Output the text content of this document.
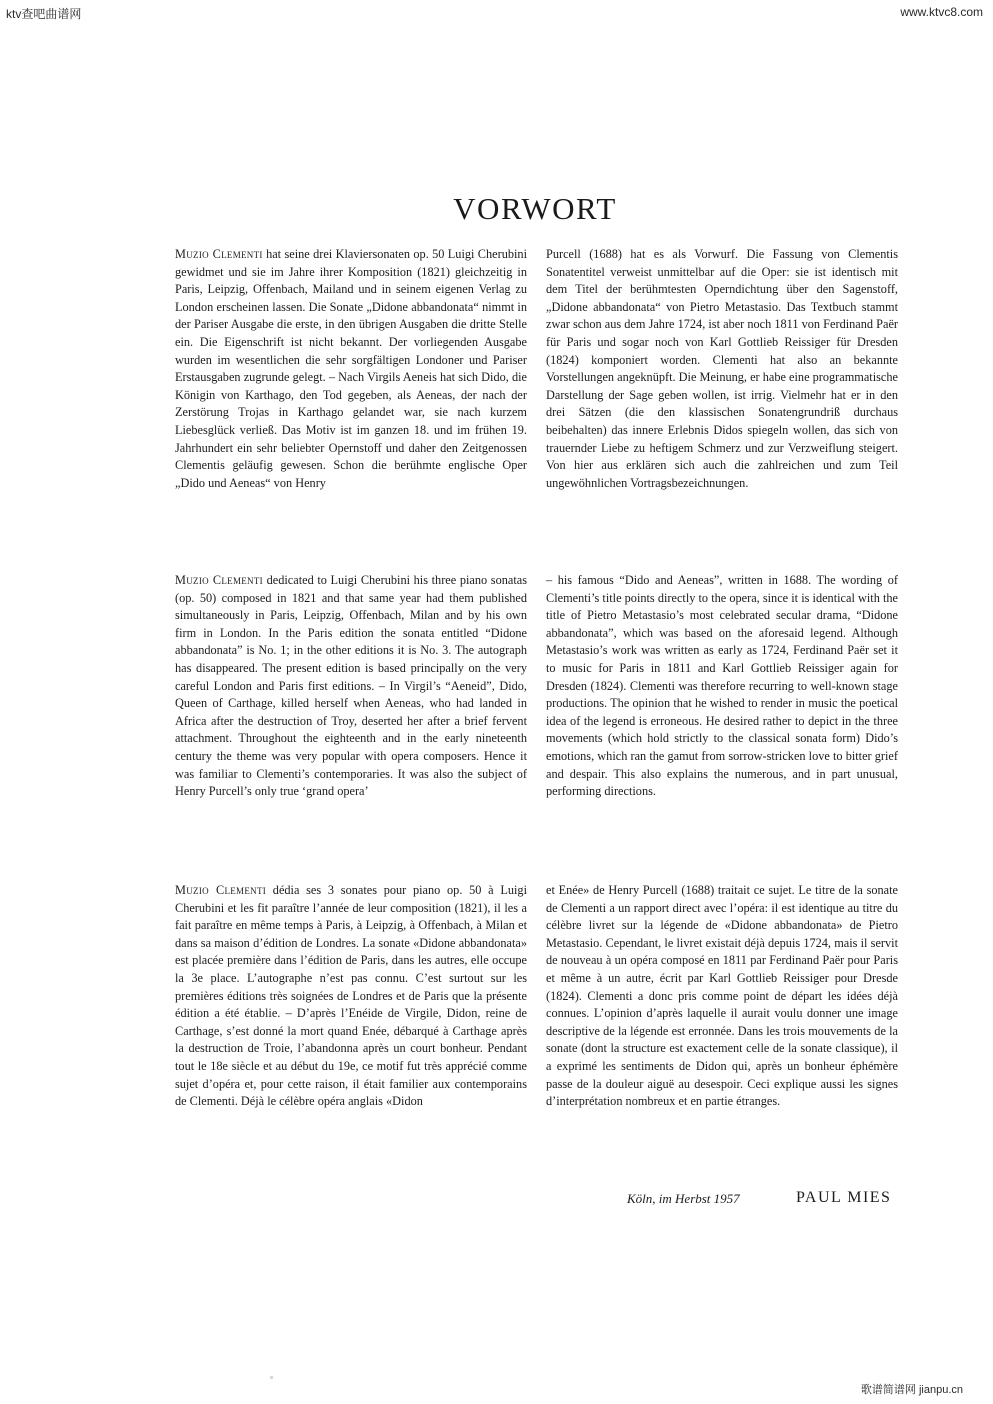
ktv查吧曲谱网	www.ktvc8.com
VORWORT

Muzio Clementi hat seine drei Klaviersonaten op. 50 Luigi Cherubini gewidmet und sie im Jahre ihrer Komposition (1821) gleichzeitig in Paris, Leipzig, Offenbach, Mailand und in seinem eigenen Verlag zu London erscheinen lassen. Die Sonate „Didone abbandonata“ nimmt in der Pariser Ausgabe die erste, in den übrigen Ausgaben die dritte Stelle ein. Die Eigenschrift ist nicht bekannt. Der vorliegenden Ausgabe wurden im wesentlichen die sehr sorgfältigen Londoner und Pariser Erstausgaben zugrunde gelegt. – Nach Virgils Aeneis hat sich Dido, die Königin von Karthago, den Tod gegeben, als Aeneas, der nach der Zerstörung Trojas in Karthago gelandet war, sie nach kurzem Liebesglück verließ. Das Motiv ist im ganzen 18. und im frühen 19. Jahrhundert ein sehr beliebter Opernstoff und daher den Zeitgenossen Clementis geläufig gewesen. Schon die berühmte englische Oper „Dido und Aeneas“ von Henry

Purcell (1688) hat es als Vorwurf. Die Fassung von Clementis Sonatentitel verweist unmittelbar auf die Oper: sie ist identisch mit dem Titel der berühmtesten Operndichtung über den Sagenstoff, „Didone abbandonata“ von Pietro Metastasio. Das Textbuch stammt zwar schon aus dem Jahre 1724, ist aber noch 1811 von Ferdinand Paër für Paris und sogar noch von Karl Gottlieb Reissiger für Dresden (1824) komponiert worden. Clementi hat also an bekannte Vorstellungen angeknüpft. Die Meinung, er habe eine programmatische Darstellung der Sage geben wollen, ist irrig. Vielmehr hat er in den drei Sätzen (die den klassischen Sonatengrundriß durchaus beibehalten) das innere Erlebnis Didos spiegeln wollen, das sich von trauernder Liebe zu heftigem Schmerz und zur Verzweiflung steigert. Von hier aus erklären sich auch die zahlreichen und zum Teil ungewöhnlichen Vortragsbezeichnungen.

Muzio Clementi dedicated to Luigi Cherubini his three piano sonatas (op. 50) composed in 1821 and that same year had them published simultaneously in Paris, Leipzig, Offenbach, Milan and by his own firm in London. In the Paris edition the sonata entitled “Didone abbandonata” is No. 1; in the other editions it is No. 3. The autograph has disappeared. The present edition is based principally on the very careful London and Paris first editions. – In Virgil’s “Aeneid”, Dido, Queen of Carthage, killed herself when Aeneas, who had landed in Africa after the destruction of Troy, deserted her after a brief fervent attachment. Throughout the eighteenth and in the early nineteenth century the theme was very popular with opera composers. Hence it was familiar to Clementi’s contemporaries. It was also the subject of Henry Purcell’s only true ‘grand opera’

– his famous “Dido and Aeneas”, written in 1688. The wording of Clementi’s title points directly to the opera, since it is identical with the title of Pietro Metastasio’s most celebrated secular drama, “Didone abbandonata”, which was based on the aforesaid legend. Although Metastasio’s work was written as early as 1724, Ferdinand Paër set it to music for Paris in 1811 and Karl Gottlieb Reissiger again for Dresden (1824). Clementi was therefore recurring to well-known stage productions. The opinion that he wished to render in music the poetical idea of the legend is erroneous. He desired rather to depict in the three movements (which hold strictly to the classical sonata form) Dido’s emotions, which ran the gamut from sorrow-stricken love to bitter grief and despair. This also explains the numerous, and in part unusual, performing directions.

Muzio Clementi dédia ses 3 sonates pour piano op. 50 à Luigi Cherubini et les fit paraître l’année de leur composition (1821), il les a fait paraître en même temps à Paris, à Leipzig, à Offenbach, à Milan et dans sa maison d’édition de Londres. La sonate «Didone abbandonata» est placée première dans l’édition de Paris, dans les autres, elle occupe la 3e place. L’autographe n’est pas connu. C’est surtout sur les premières éditions très soignées de Londres et de Paris que la présente édition a été établie. – D’après l’Enéide de Virgile, Didon, reine de Carthage, s’est donné la mort quand Enée, débarqué à Carthage après la destruction de Troie, l’abandonna après un court bonheur. Pendant tout le 18e siècle et au début du 19e, ce motif fut très apprécié comme sujet d’opéra et, pour cette raison, il était familier aux contemporains de Clementi. Déjà le célèbre opéra anglais «Didon

et Enée» de Henry Purcell (1688) traitait ce sujet. Le titre de la sonate de Clementi a un rapport direct avec l’opéra: il est identique au titre du célèbre livret sur la légende de «Didone abbandonata» de Pietro Metastasio. Cependant, le livret existait déjà depuis 1724, mais il servit de nouveau à un opéra composé en 1811 par Ferdinand Paër pour Paris et même à un autre, écrit par Karl Gottlieb Reissiger pour Dresde (1824). Clementi a donc pris comme point de départ les idées déjà connues. L’opinion d’après laquelle il aurait voulu donner une image descriptive de la légende est erronnée. Dans les trois mouvements de la sonate (dont la structure est exactement celle de la sonate classique), il a exprimé les sentiments de Didon qui, après un bonheur éphémère passe de la douleur aiguë au desespoir. Ceci explique aussi les signes d’interprétation nombreux et en partie étranges.

Köln, im Herbst 1957	PAUL MIES
歌谱简谱网 jianpu.cn
